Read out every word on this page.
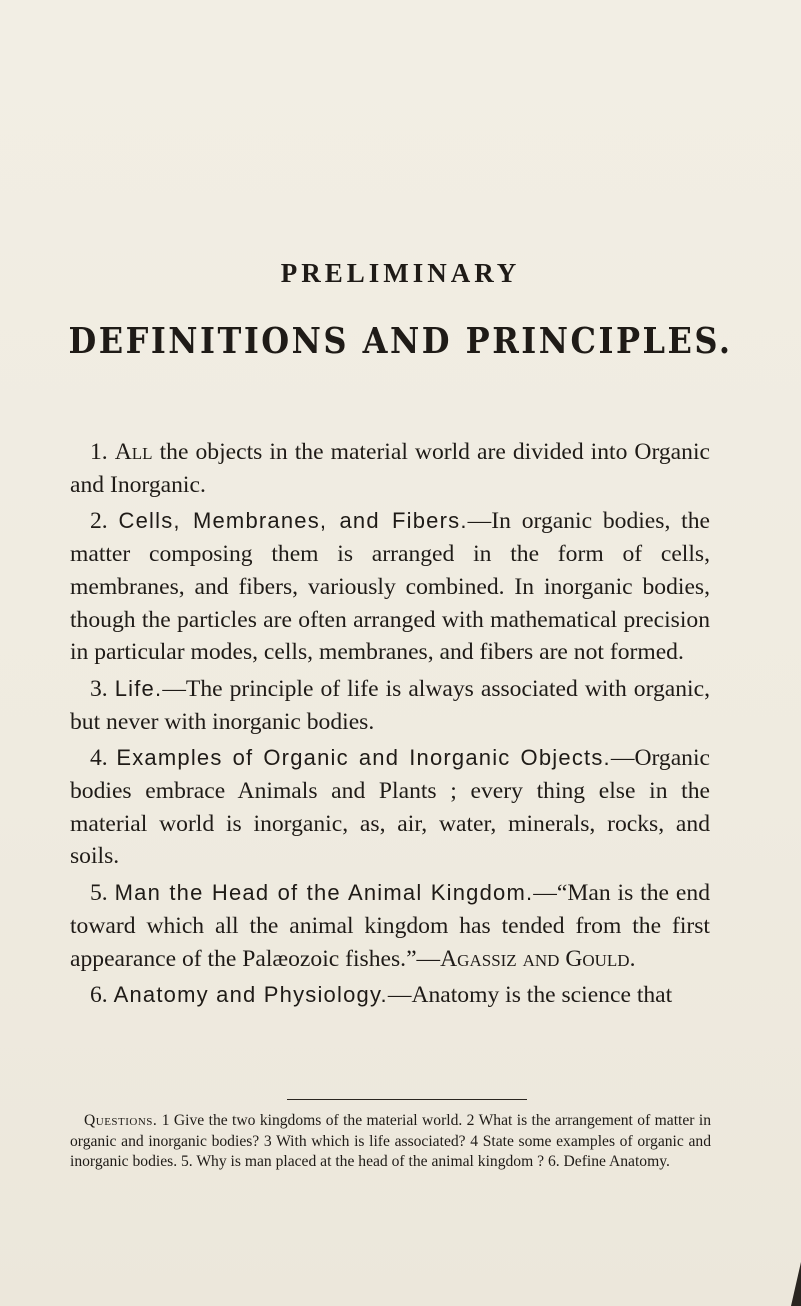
PRELIMINARY
DEFINITIONS AND PRINCIPLES.

1. All the objects in the material world are divided into Organic and Inorganic.

2. Cells, Membranes, and Fibers.—In organic bodies, the matter composing them is arranged in the form of cells, membranes, and fibers, variously combined. In inorganic bodies, though the particles are often arranged with mathematical precision in particular modes, cells, membranes, and fibers are not formed.

3. Life.—The principle of life is always associated with organic, but never with inorganic bodies.

4. Examples of Organic and Inorganic Objects.—Organic bodies embrace Animals and Plants ; every thing else in the material world is inorganic, as, air, water, minerals, rocks, and soils.

5. Man the Head of the Animal Kingdom.—“Man is the end toward which all the animal kingdom has tended from the first appearance of the Palæozoic fishes.”—Agassiz and Gould.

6. Anatomy and Physiology.—Anatomy is the science that

Questions. 1 Give the two kingdoms of the material world. 2 What is the arrangement of matter in organic and inorganic bodies? 3 With which is life associated? 4 State some examples of organic and inorganic bodies. 5. Why is man placed at the head of the animal kingdom ? 6. Define Anatomy.
